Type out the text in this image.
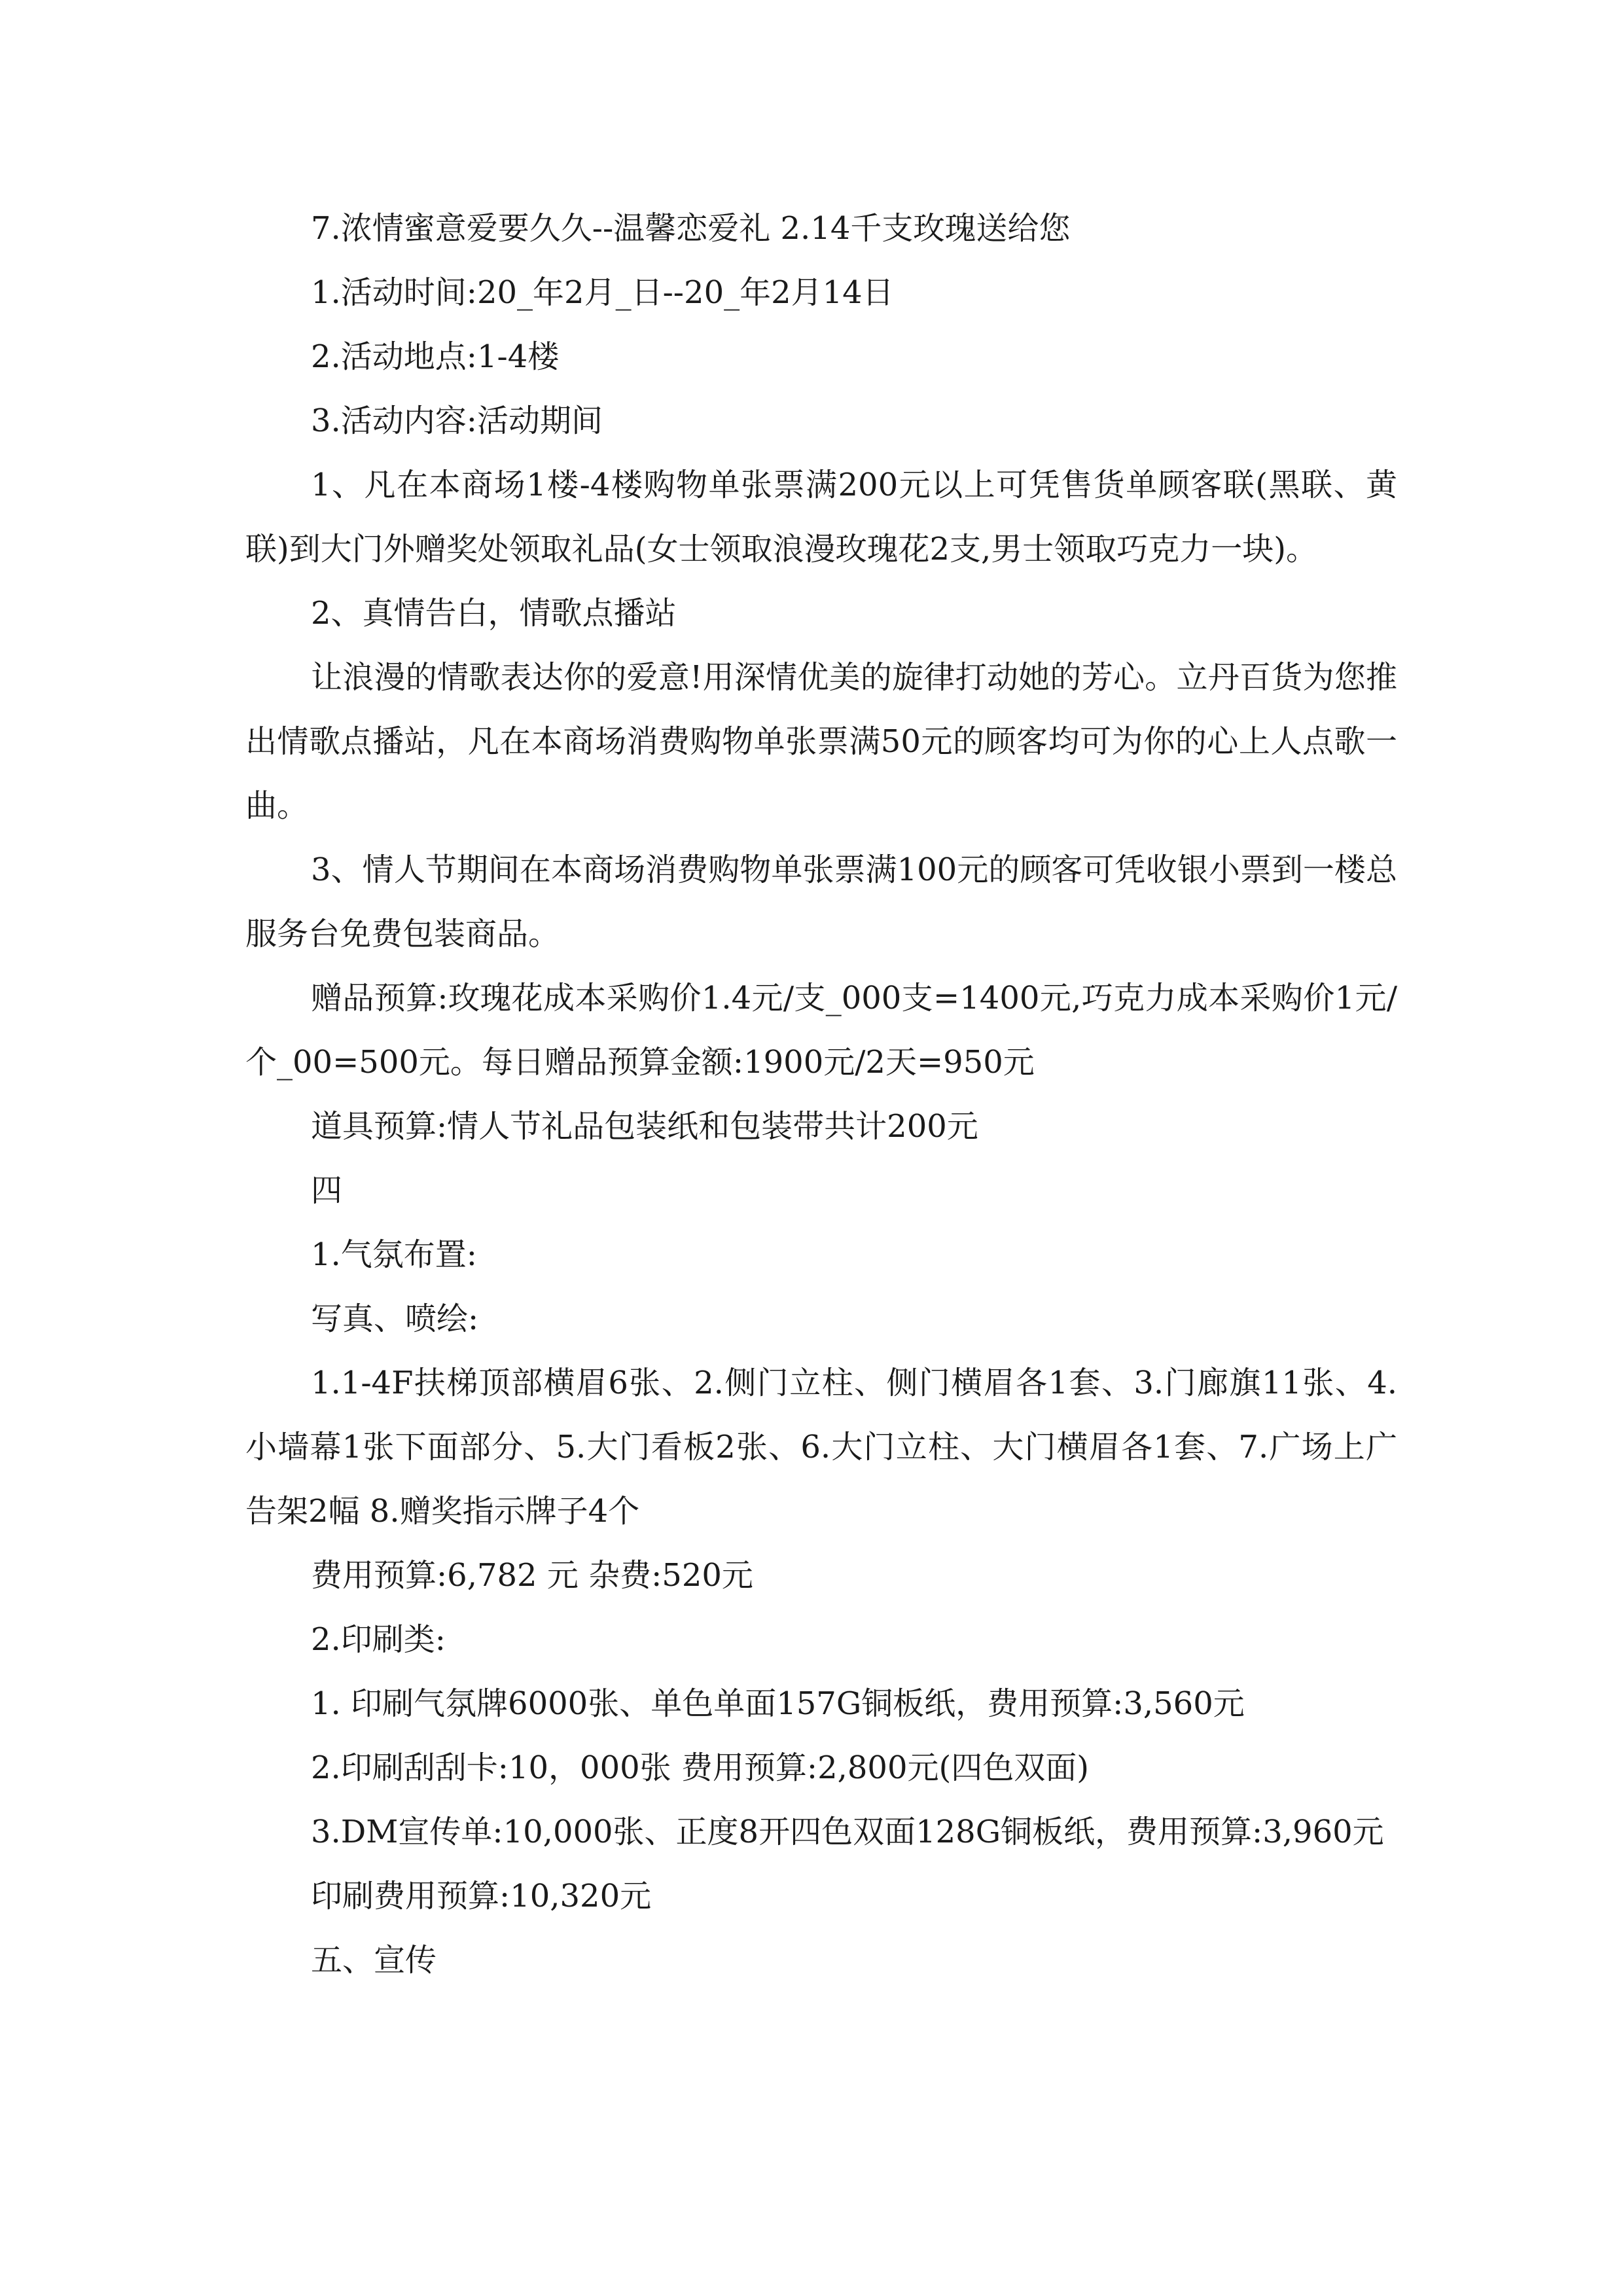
7.浓情蜜意爱要久久--温馨恋爱礼 2.14千支玫瑰送给您

1.活动时间:20_年2月_日--20_年2月14日

2.活动地点:1-4楼

3.活动内容:活动期间

1、凡在本商场1楼-4楼购物单张票满200元以上可凭售货单顾客联(黑联、黄联)到大门外赠奖处领取礼品(女士领取浪漫玫瑰花2支,男士领取巧克力一块)。

2、真情告白，情歌点播站

让浪漫的情歌表达你的爱意!用深情优美的旋律打动她的芳心。立丹百货为您推出情歌点播站，凡在本商场消费购物单张票满50元的顾客均可为你的心上人点歌一曲。

3、情人节期间在本商场消费购物单张票满100元的顾客可凭收银小票到一楼总服务台免费包装商品。

赠品预算:玫瑰花成本采购价1.4元/支_000支=1400元,巧克力成本采购价1元/个_00=500元。每日赠品预算金额:1900元/2天=950元

道具预算:情人节礼品包装纸和包装带共计200元

四

1.气氛布置:

写真、喷绘:

1.1-4F扶梯顶部横眉6张、2.侧门立柱、侧门横眉各1套、3.门廊旗11张、4.小墙幕1张下面部分、5.大门看板2张、6.大门立柱、大门横眉各1套、7.广场上广告架2幅 8.赠奖指示牌子4个

费用预算:6,782 元 杂费:520元

2.印刷类:

1. 印刷气氛牌6000张、单色单面157G铜板纸，费用预算:3,560元

2.印刷刮刮卡:10，000张 费用预算:2,800元(四色双面)

3.DM宣传单:10,000张、正度8开四色双面128G铜板纸，费用预算:3,960元

印刷费用预算:10,320元

五、宣传
